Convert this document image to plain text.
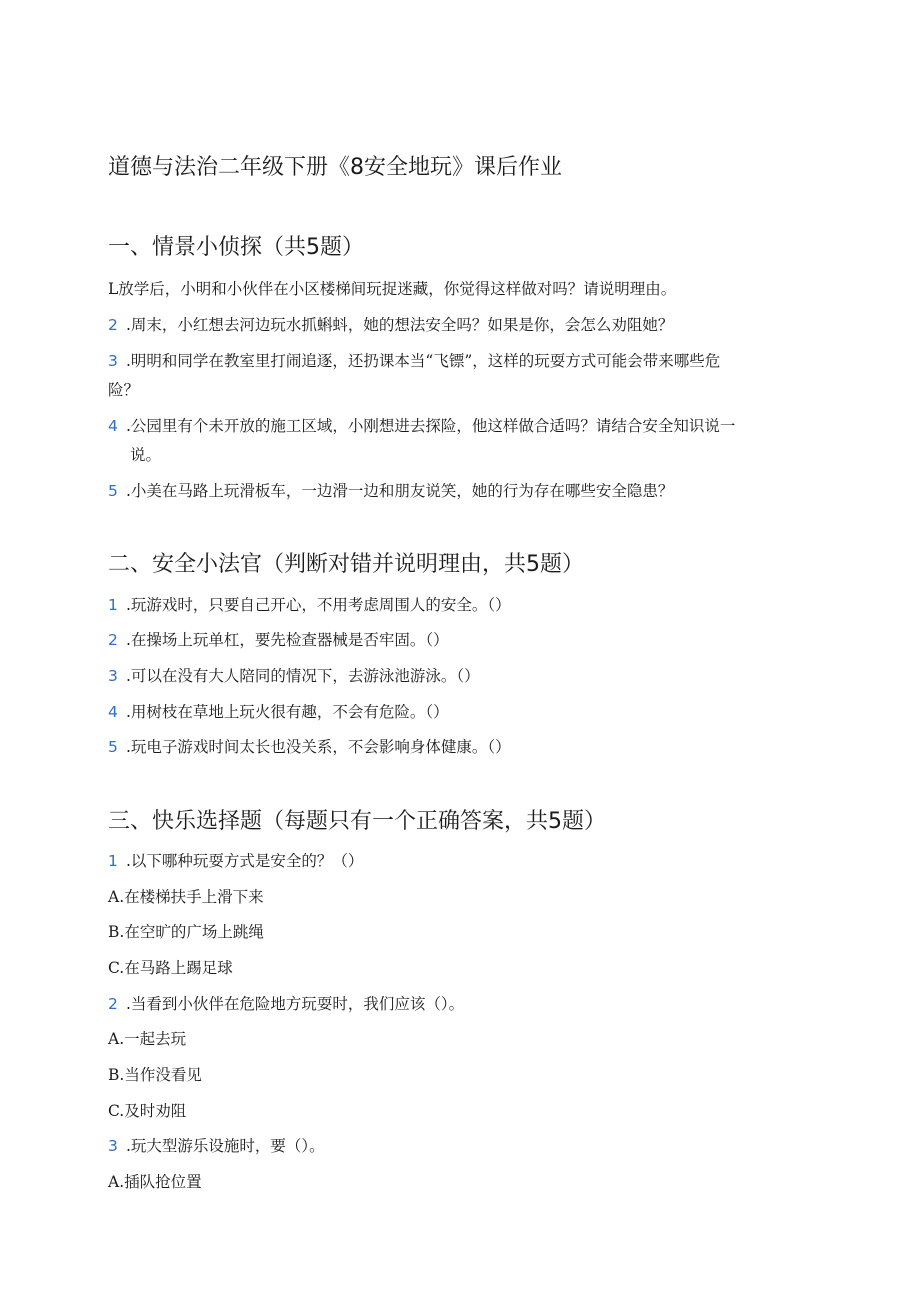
道德与法治二年级下册《8安全地玩》课后作业
一、情景小侦探（共5题）
L放学后，小明和小伙伴在小区楼梯间玩捉迷藏，你觉得这样做对吗？请说明理由。
2 .周末，小红想去河边玩水抓蝌蚪，她的想法安全吗？如果是你，会怎么劝阻她？
3 .明明和同学在教室里打闹追逐，还扔课本当“飞镖”，这样的玩耍方式可能会带来哪些危
险？
4 .公园里有个未开放的施工区域，小刚想进去探险，他这样做合适吗？请结合安全知识说一
说。
5 .小美在马路上玩滑板车，一边滑一边和朋友说笑，她的行为存在哪些安全隐患？
二、安全小法官（判断对错并说明理由，共5题）
1 .玩游戏时，只要自己开心，不用考虑周围人的安全。（）
2 .在操场上玩单杠，要先检查器械是否牢固。（）
3 .可以在没有大人陪同的情况下，去游泳池游泳。（）
4 .用树枝在草地上玩火很有趣，不会有危险。（）
5 .玩电子游戏时间太长也没关系，不会影响身体健康。（）
三、快乐选择题（每题只有一个正确答案，共5题）
1 .以下哪种玩耍方式是安全的？（）
A.在楼梯扶手上滑下来
B.在空旷的广场上跳绳
C.在马路上踢足球
2 .当看到小伙伴在危险地方玩耍时，我们应该（）。
A.一起去玩
B.当作没看见
C.及时劝阻
3 .玩大型游乐设施时，要（）。
A.插队抢位置
